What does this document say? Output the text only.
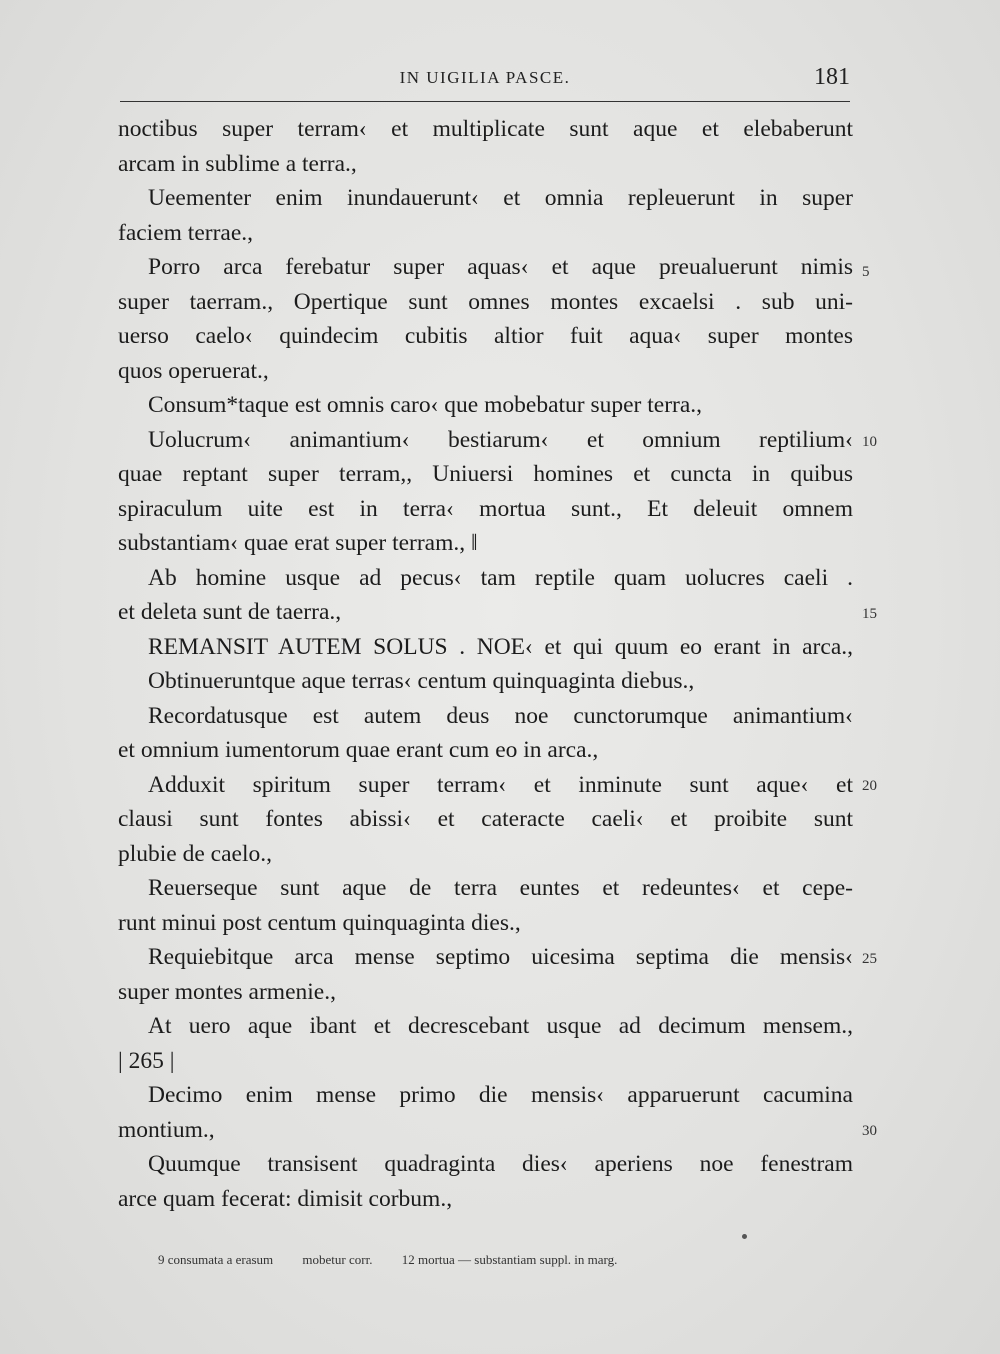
IN UIGILIA PASCE.	181
noctibus super terram‹ et multiplicate sunt aque et elebaberunt
arcam in sublime a terra.,
Ueementer enim inundauerunt‹ et omnia repleuerunt in super
faciem terrae.,
Porro arca ferebatur super aquas‹ et aque preualuerunt nimis
super taerram., Opertique sunt omnes montes excaelsi . sub uni-
uerso caelo‹ quindecim cubitis altior fuit aqua‹ super montes
quos operuerat.,
Consum*taque est omnis caro‹ que mobebatur super terra.,
Uolucrum‹ animantium‹ bestiarum‹ et omnium reptilium‹
quae reptant super terram,, Uniuersi homines et cuncta in quibus
spiraculum uite est in terra‹ mortua sunt., Et deleuit omnem
substantiam‹ quae erat super terram., ‖
Ab homine usque ad pecus‹ tam reptile quam uolucres caeli .
et deleta sunt de taerra.,
REMANSIT AUTEM SOLUS . NOE‹ et qui quum eo erant in arca.,
Obtinueruntque aque terras‹ centum quinquaginta diebus.,
Recordatusque est autem deus noe cunctorumque animantium‹
et omnium iumentorum quae erant cum eo in arca.,
Adduxit spiritum super terram‹ et inminute sunt aque‹ et
clausi sunt fontes abissi‹ et cateracte caeli‹ et proibite sunt
plubie de caelo.,
Reuerseque sunt aque de terra euntes et redeuntes‹ et cepe-
runt minui post centum quinquaginta dies.,
Requiebitque arca mense septimo uicesima septima die mensis‹
super montes armenie.,
At uero aque ibant et decrescebant usque ad decimum mensem.,
| 265 |
Decimo enim mense primo die mensis‹ apparuerunt cacumina
montium.,
Quumque transisent quadraginta dies‹ aperiens noe fenestram
arce quam fecerat: dimisit corbum.,
5
10
15
20
25
30
9 consumata a erasum mobetur corr. 12 mortua — substantiam suppl. in marg.
